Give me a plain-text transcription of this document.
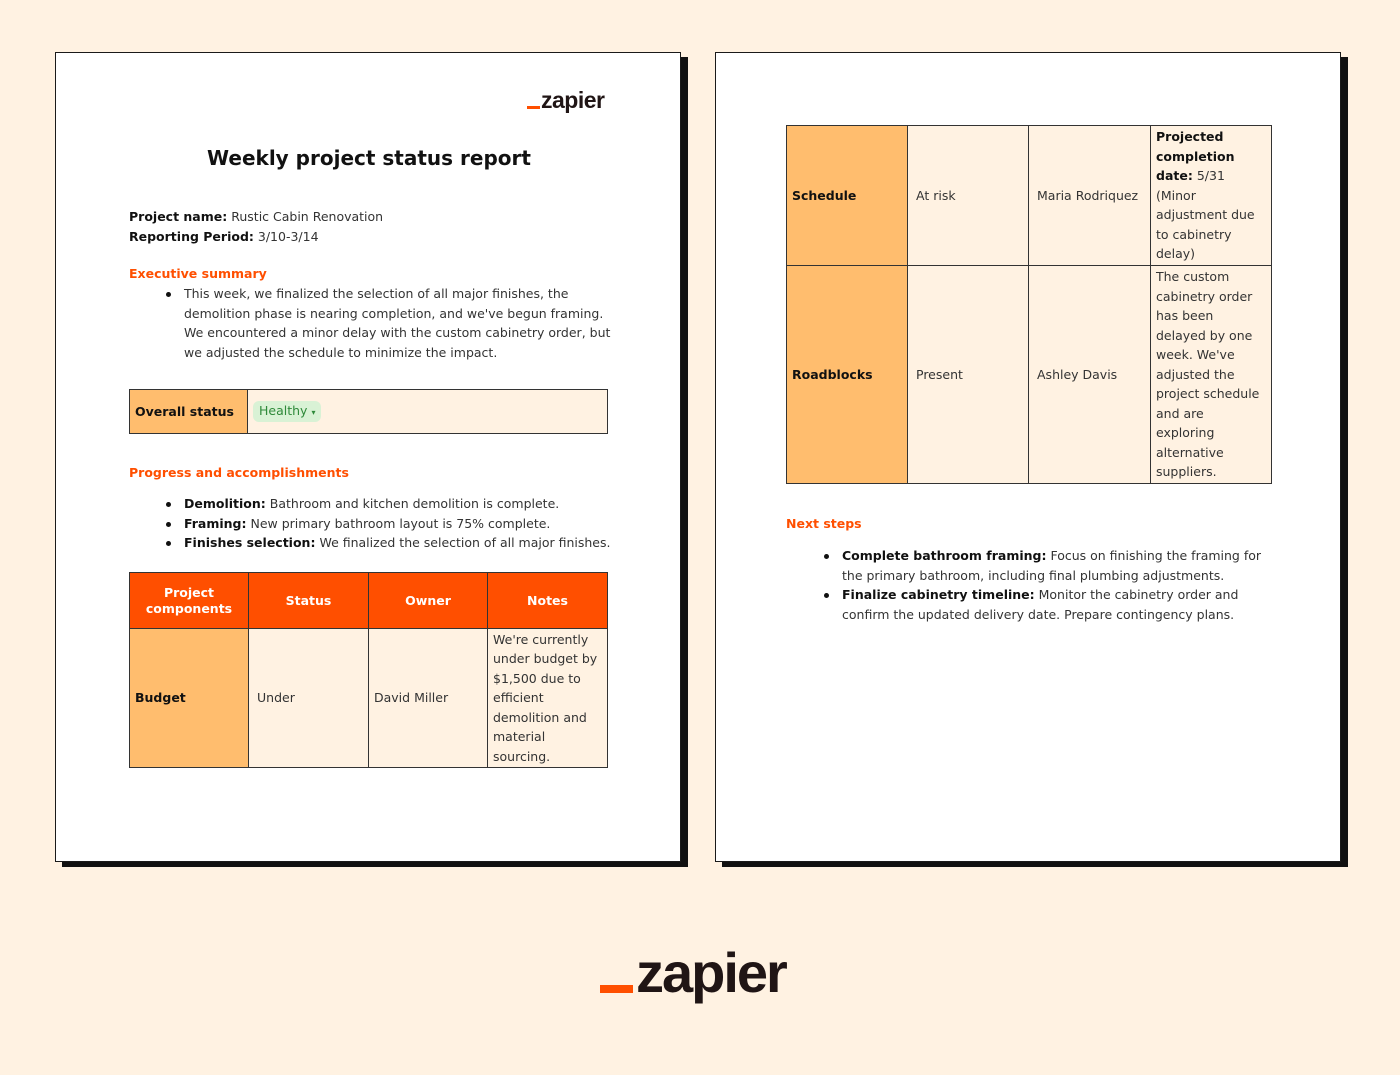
zapier
Weekly project status report
Project name: Rustic Cabin Renovation
Reporting Period: 3/10-3/14
Executive summary
This week, we finalized the selection of all major finishes, the demolition phase is nearing completion, and we've begun framing. We encountered a minor delay with the custom cabinetry order, but we adjusted the schedule to minimize the impact.
Overall status	Healthy ▾
Progress and accomplishments
Demolition: Bathroom and kitchen demolition is complete.
Framing: New primary bathroom layout is 75% complete.
Finishes selection: We finalized the selection of all major finishes.
Project components	Status	Owner	Notes
Budget	Under	David Miller	We're currently under budget by $1,500 due to efficient demolition and material sourcing.
Schedule	At risk	Maria Rodriquez	Projected completion date: 5/31 (Minor adjustment due to cabinetry delay)
Roadblocks	Present	Ashley Davis	The custom cabinetry order has been delayed by one week. We've adjusted the project schedule and are exploring alternative suppliers.
Next steps
Complete bathroom framing: Focus on finishing the framing for the primary bathroom, including final plumbing adjustments.
Finalize cabinetry timeline: Monitor the cabinetry order and confirm the updated delivery date. Prepare contingency plans.
zapier
